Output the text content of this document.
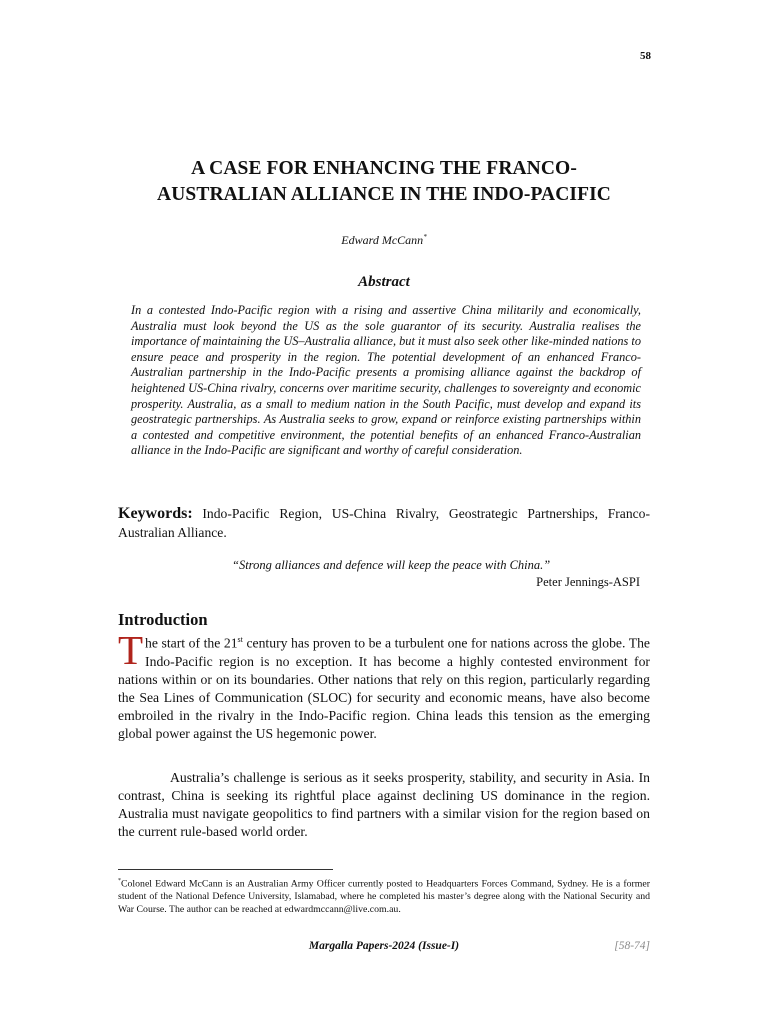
58
A CASE FOR ENHANCING THE FRANCO-
AUSTRALIAN ALLIANCE IN THE INDO-PACIFIC
Edward McCann*
Abstract
In a contested Indo-Pacific region with a rising and assertive China militarily and economically, Australia must look beyond the US as the sole guarantor of its security. Australia realises the importance of maintaining the US–Australia alliance, but it must also seek other like-minded nations to ensure peace and prosperity in the region. The potential development of an enhanced Franco-Australian partnership in the Indo-Pacific presents a promising alliance against the backdrop of heightened US-China rivalry, concerns over maritime security, challenges to sovereignty and economic prosperity. Australia, as a small to medium nation in the South Pacific, must develop and expand its geostrategic partnerships. As Australia seeks to grow, expand or reinforce existing partnerships within a contested and competitive environment, the potential benefits of an enhanced Franco-Australian alliance in the Indo-Pacific are significant and worthy of careful consideration.
Keywords: Indo-Pacific Region, US-China Rivalry, Geostrategic Partnerships, Franco-Australian Alliance.
“Strong alliances and defence will keep the peace with China.”
Peter Jennings-ASPI
Introduction
The start of the 21st century has proven to be a turbulent one for nations across the globe. The Indo-Pacific region is no exception. It has become a highly contested environment for nations within or on its boundaries. Other nations that rely on this region, particularly regarding the Sea Lines of Communication (SLOC) for security and economic means, have also become embroiled in the rivalry in the Indo-Pacific region. China leads this tension as the emerging global power against the US hegemonic power.
Australia’s challenge is serious as it seeks prosperity, stability, and security in Asia. In contrast, China is seeking its rightful place against declining US dominance in the region. Australia must navigate geopolitics to find partners with a similar vision for the region based on the current rule-based world order.
*Colonel Edward McCann is an Australian Army Officer currently posted to Headquarters Forces Command, Sydney. He is a former student of the National Defence University, Islamabad, where he completed his master’s degree along with the National Security and War Course. The author can be reached at edwardmccann@live.com.au.
Margalla Papers-2024 (Issue-I)	[58-74]
